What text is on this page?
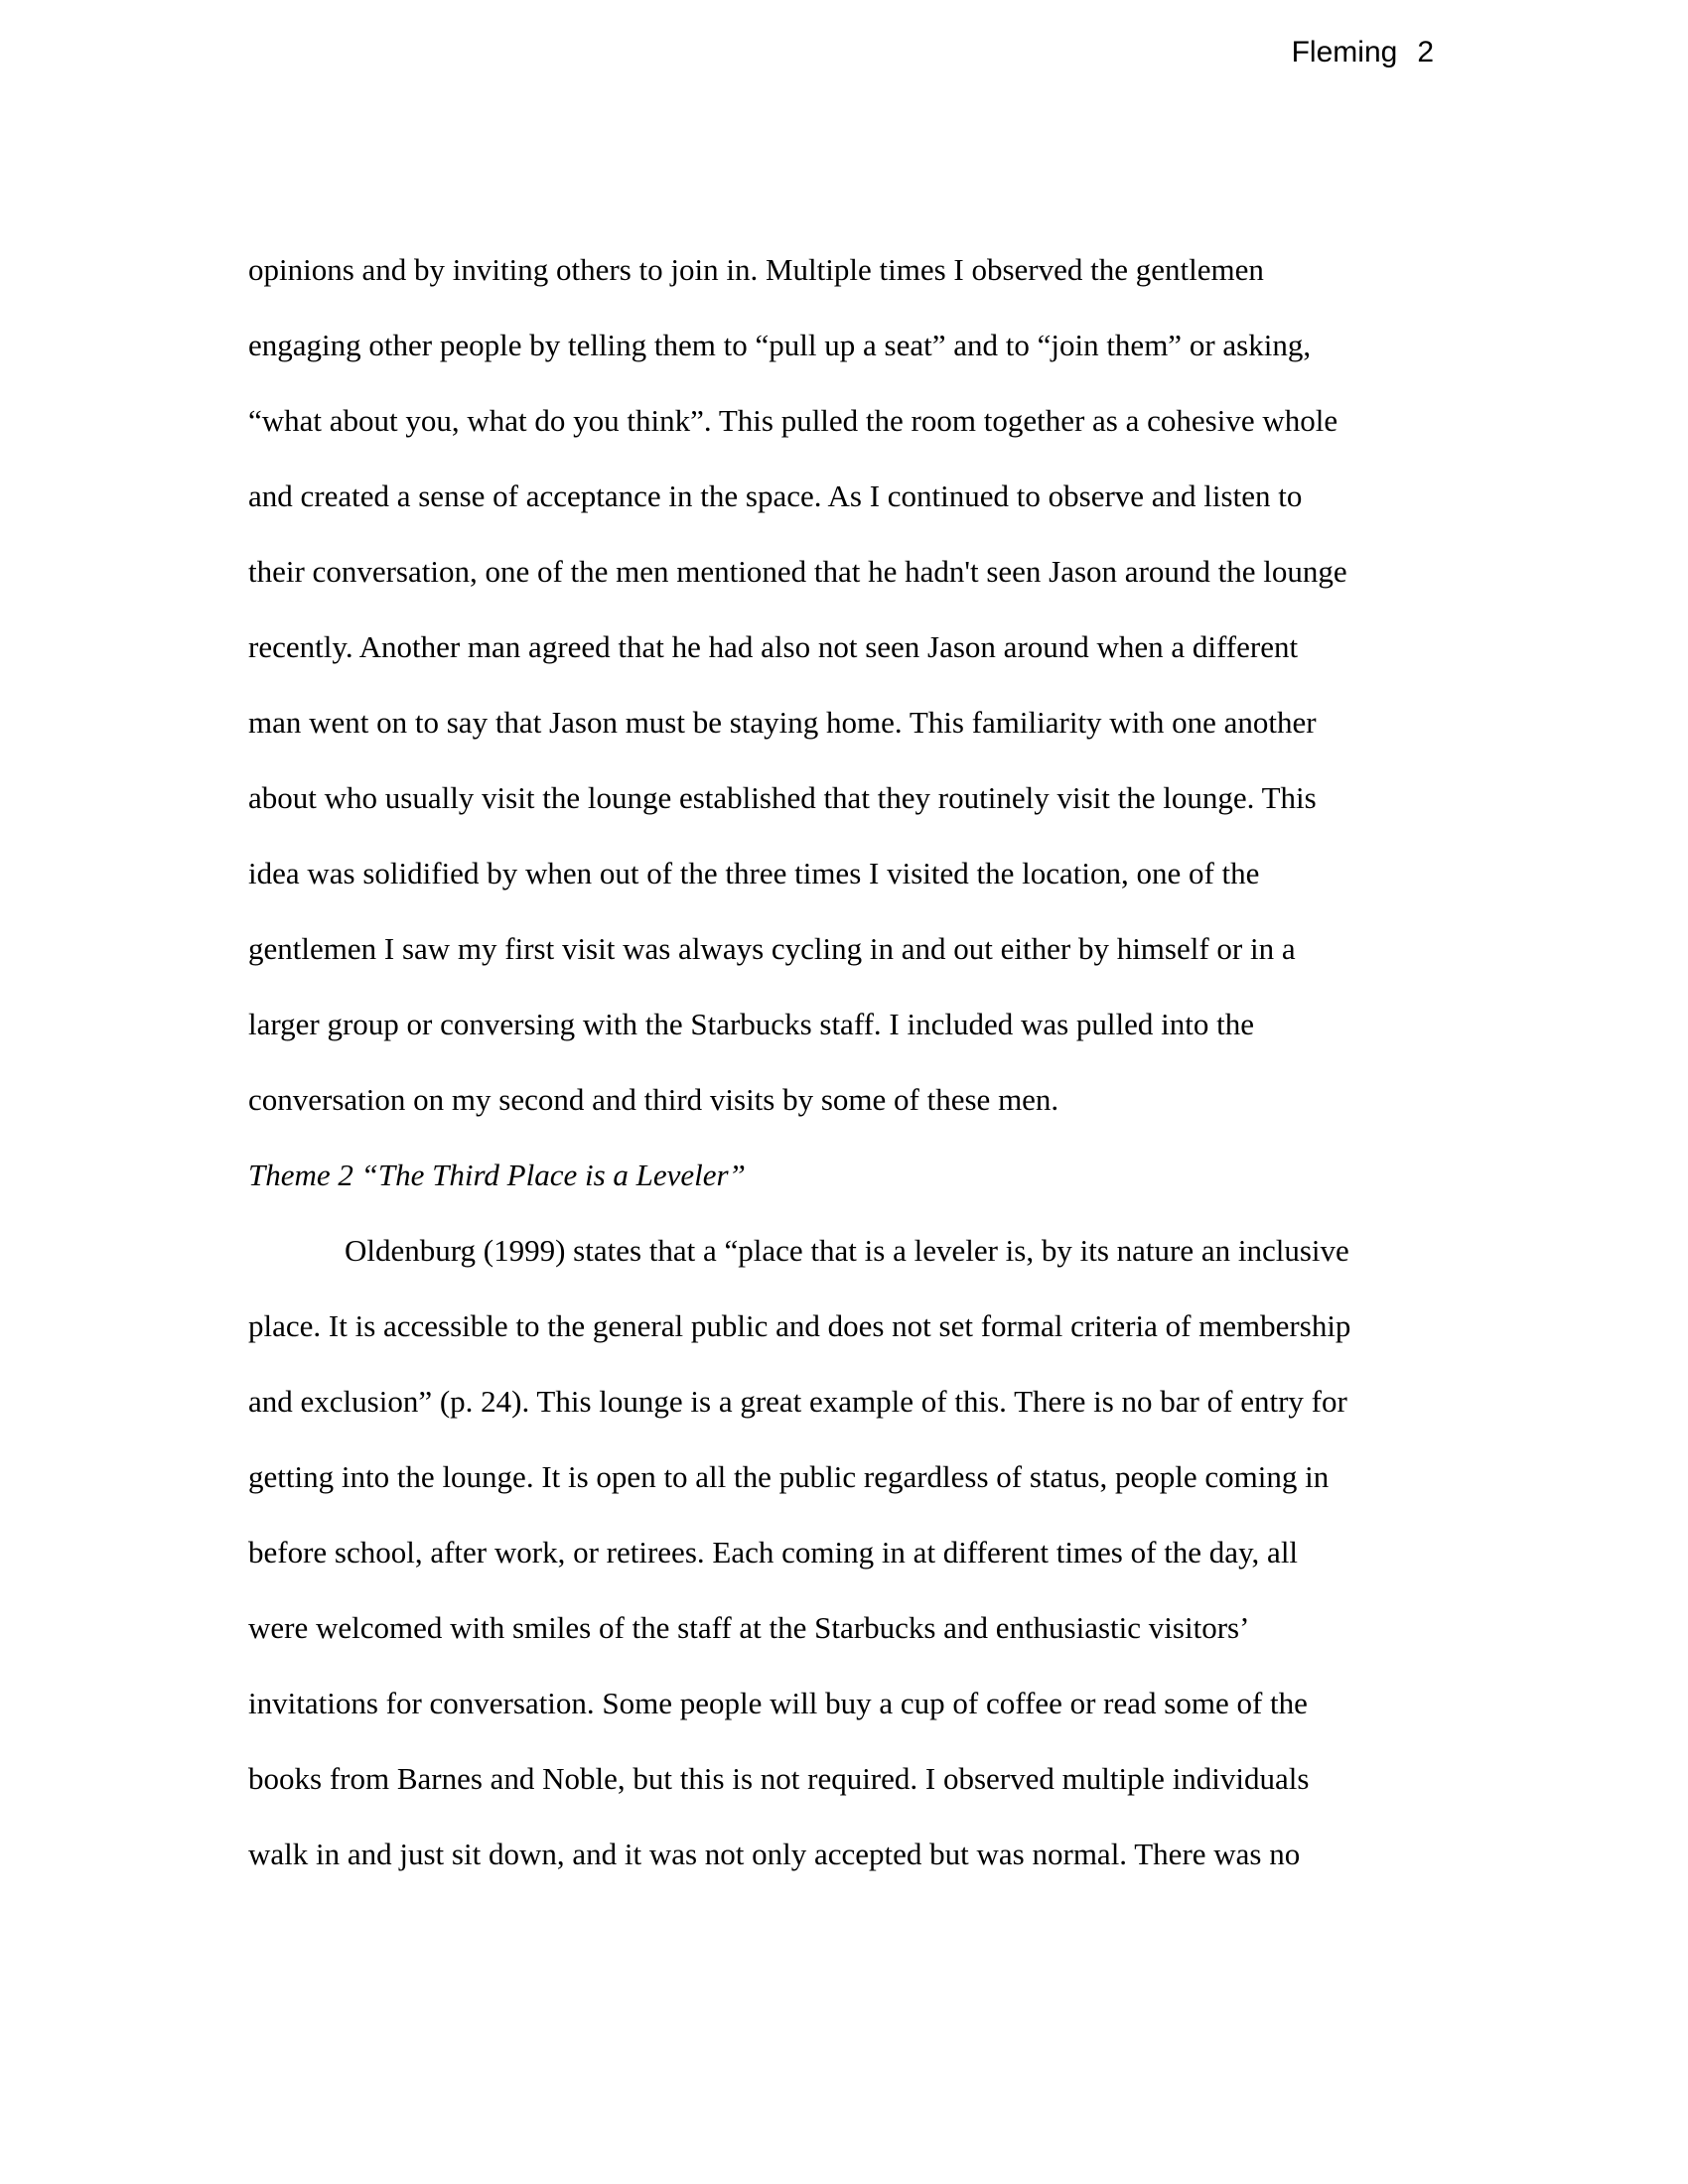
Fleming 2
opinions and by inviting others to join in. Multiple times I observed the gentlemen
engaging other people by telling them to “pull up a seat” and to “join them” or asking,
“what about you, what do you think”. This pulled the room together as a cohesive whole
and created a sense of acceptance in the space. As I continued to observe and listen to
their conversation, one of the men mentioned that he hadn't seen Jason around the lounge
recently. Another man agreed that he had also not seen Jason around when a different
man went on to say that Jason must be staying home. This familiarity with one another
about who usually visit the lounge established that they routinely visit the lounge. This
idea was solidified by when out of the three times I visited the location, one of the
gentlemen I saw my first visit was always cycling in and out either by himself or in a
larger group or conversing with the Starbucks staff. I included was pulled into the
conversation on my second and third visits by some of these men.
Theme 2 “The Third Place is a Leveler”
Oldenburg (1999) states that a “place that is a leveler is, by its nature an inclusive
place. It is accessible to the general public and does not set formal criteria of membership
and exclusion” (p. 24). This lounge is a great example of this. There is no bar of entry for
getting into the lounge. It is open to all the public regardless of status, people coming in
before school, after work, or retirees. Each coming in at different times of the day, all
were welcomed with smiles of the staff at the Starbucks and enthusiastic visitors’
invitations for conversation. Some people will buy a cup of coffee or read some of the
books from Barnes and Noble, but this is not required. I observed multiple individuals
walk in and just sit down, and it was not only accepted but was normal. There was no
